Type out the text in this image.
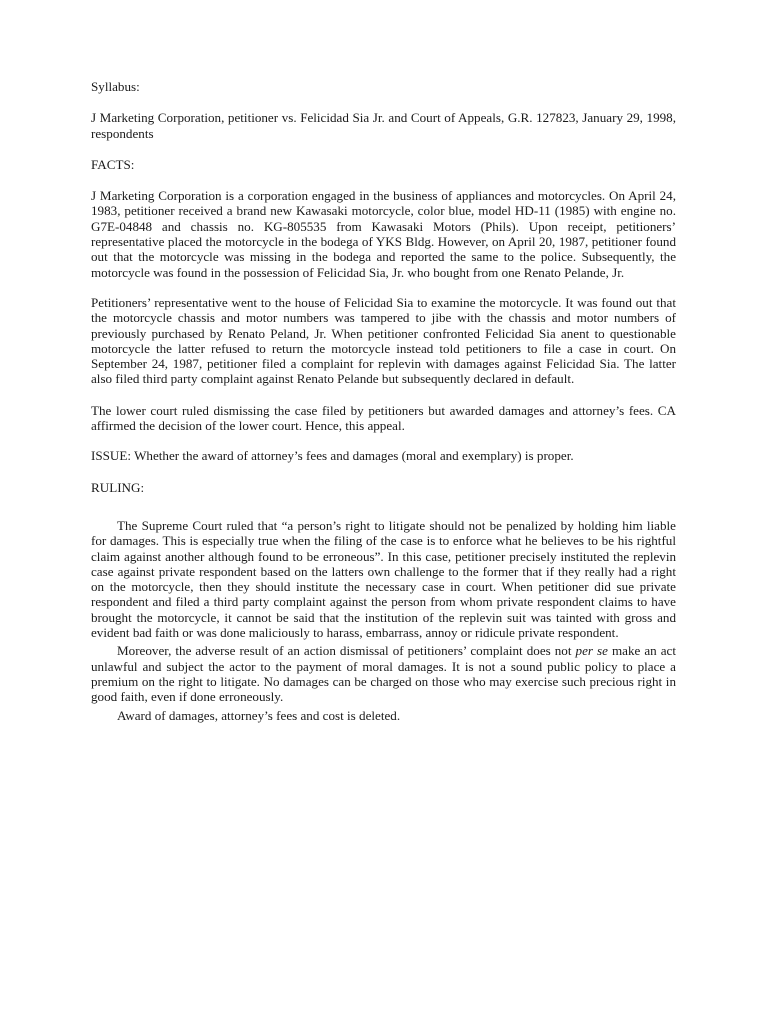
Syllabus:

J Marketing Corporation, petitioner vs. Felicidad Sia Jr. and Court of Appeals, G.R. 127823, January 29, 1998, respondents

FACTS:

J Marketing Corporation is a corporation engaged in the business of appliances and motorcycles. On April 24, 1983, petitioner received a brand new Kawasaki motorcycle, color blue, model HD-11 (1985) with engine no. G7E-04848 and chassis no. KG-805535 from Kawasaki Motors (Phils). Upon receipt, petitioners’ representative placed the motorcycle in the bodega of YKS Bldg. However, on April 20, 1987, petitioner found out that the motorcycle was missing in the bodega and reported the same to the police. Subsequently, the motorcycle was found in the possession of Felicidad Sia, Jr. who bought from one Renato Pelande, Jr.

Petitioners’ representative went to the house of Felicidad Sia to examine the motorcycle. It was found out that the motorcycle chassis and motor numbers was tampered to jibe with the chassis and motor numbers of previously purchased by Renato Peland, Jr. When petitioner confronted Felicidad Sia anent to questionable motorcycle the latter refused to return the motorcycle instead told petitioners to file a case in court. On September 24, 1987, petitioner filed a complaint for replevin with damages against Felicidad Sia. The latter also filed third party complaint against Renato Pelande but subsequently declared in default.

The lower court ruled dismissing the case filed by petitioners but awarded damages and attorney’s fees. CA affirmed the decision of the lower court. Hence, this appeal.

ISSUE: Whether the award of attorney’s fees and damages (moral and exemplary) is proper.

RULING:

The Supreme Court ruled that “a person’s right to litigate should not be penalized by holding him liable for damages. This is especially true when the filing of the case is to enforce what he believes to be his rightful claim against another although found to be erroneous”. In this case, petitioner precisely instituted the replevin case against private respondent based on the latters own challenge to the former that if they really had a right on the motorcycle, then they should institute the necessary case in court. When petitioner did sue private respondent and filed a third party complaint against the person from whom private respondent claims to have brought the motorcycle, it cannot be said that the institution of the replevin suit was tainted with gross and evident bad faith or was done maliciously to harass, embarrass, annoy or ridicule private respondent.

Moreover, the adverse result of an action dismissal of petitioners’ complaint does not per se make an act unlawful and subject the actor to the payment of moral damages. It is not a sound public policy to place a premium on the right to litigate. No damages can be charged on those who may exercise such precious right in good faith, even if done erroneously.

Award of damages, attorney’s fees and cost is deleted.
